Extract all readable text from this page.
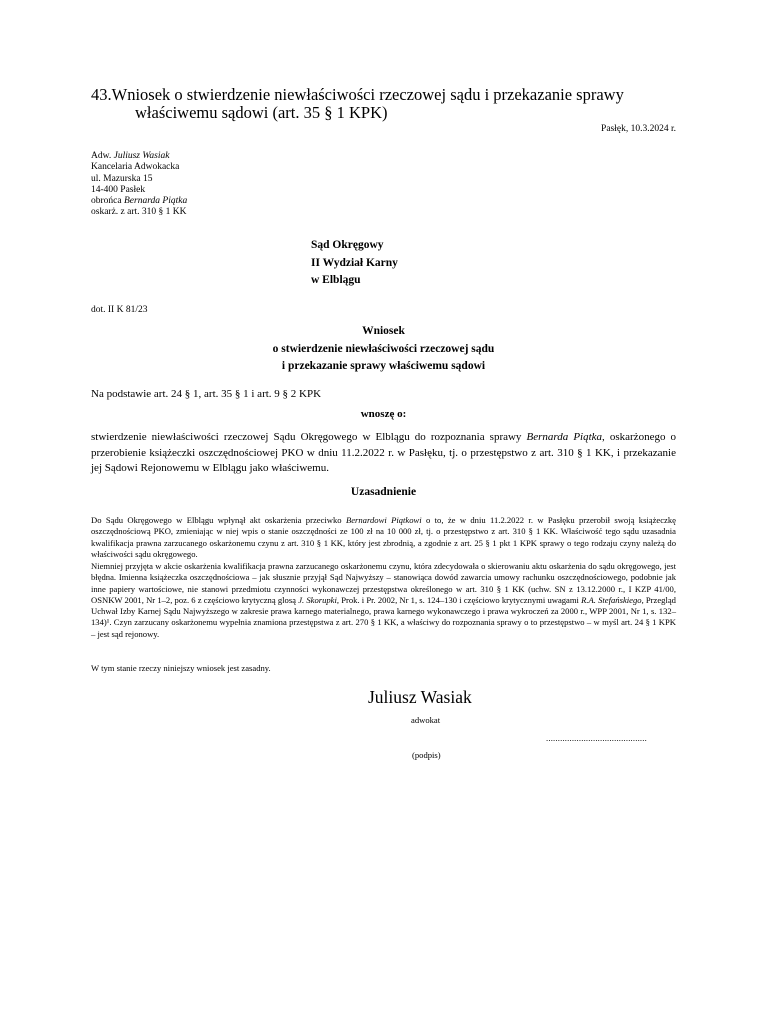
43.Wniosek o stwierdzenie niewłaściwości rzeczowej sądu i przekazanie sprawy
właściwemu sądowi (art. 35 § 1 KPK)
Pasłęk, 10.3.2024 r.
Adw. Juliusz Wasiak
Kancelaria Adwokacka
ul. Mazurska 15
14-400 Pasłek
obrońca Bernarda Piątka
oskarż. z art. 310 § 1 KK
Sąd Okręgowy
II Wydział Karny
w Elblągu
dot. II K 81/23
Wniosek
o stwierdzenie niewłaściwości rzeczowej sądu
i przekazanie sprawy właściwemu sądowi
Na podstawie art. 24 § 1, art. 35 § 1 i art. 9 § 2 KPK
wnoszę o:
stwierdzenie niewłaściwości rzeczowej Sądu Okręgowego w Elblągu do rozpoznania sprawy Bernarda Piątka, oskarżonego o przerobienie książeczki oszczędnościowej PKO w dniu 11.2.2022 r. w Pasłęku, tj. o przestępstwo z art. 310 § 1 KK, i przekazanie jej Sądowi Rejonowemu w Elblągu jako właściwemu.
Uzasadnienie
Do Sądu Okręgowego w Elblągu wpłynął akt oskarżenia przeciwko Bernardowi Piątkowi o to, że w dniu 11.2.2022 r. w Pasłęku przerobił swoją książeczkę oszczędnościową PKO, zmieniając w niej wpis o stanie oszczędności ze 100 zł na 10 000 zł, tj. o przestępstwo z art. 310 § 1 KK. Właściwość tego sądu uzasadnia kwalifikacja prawna zarzucanego oskarżonemu czynu z art. 310 § 1 KK, który jest zbrodnią, a zgodnie z art. 25 § 1 pkt 1 KPK sprawy o tego rodzaju czyny należą do właściwości sądu okręgowego.
Niemniej przyjęta w akcie oskarżenia kwalifikacja prawna zarzucanego oskarżonemu czynu, która zdecydowała o skierowaniu aktu oskarżenia do sądu okręgowego, jest błędna. Imienna książeczka oszczędnościowa – jak słusznie przyjął Sąd Najwyższy – stanowiąca dowód zawarcia umowy rachunku oszczędnościowego, podobnie jak inne papiery wartościowe, nie stanowi przedmiotu czynności wykonawczej przestępstwa określonego w art. 310 § 1 KK (uchw. SN z 13.12.2000 r., I KZP 41/00, OSNKW 2001, Nr 1–2, poz. 6 z częściowo krytyczną glosą J. Skorupki, Prok. i Pr. 2002, Nr 1, s. 124–130 i częściowo krytycznymi uwagami R.A. Stefańskiego, Przegląd Uchwał Izby Karnej Sądu Najwyższego w zakresie prawa karnego materialnego, prawa karnego wykonawczego i prawa wykroczeń za 2000 r., WPP 2001, Nr 1, s. 132–134)¹. Czyn zarzucany oskarżonemu wypełnia znamiona przestępstwa z art. 270 § 1 KK, a właściwy do rozpoznania sprawy o to przestępstwo – w myśl art. 24 § 1 KPK – jest sąd rejonowy.
W tym stanie rzeczy niniejszy wniosek jest zasadny.
Juliusz Wasiak
adwokat
...........................................
(podpis)
